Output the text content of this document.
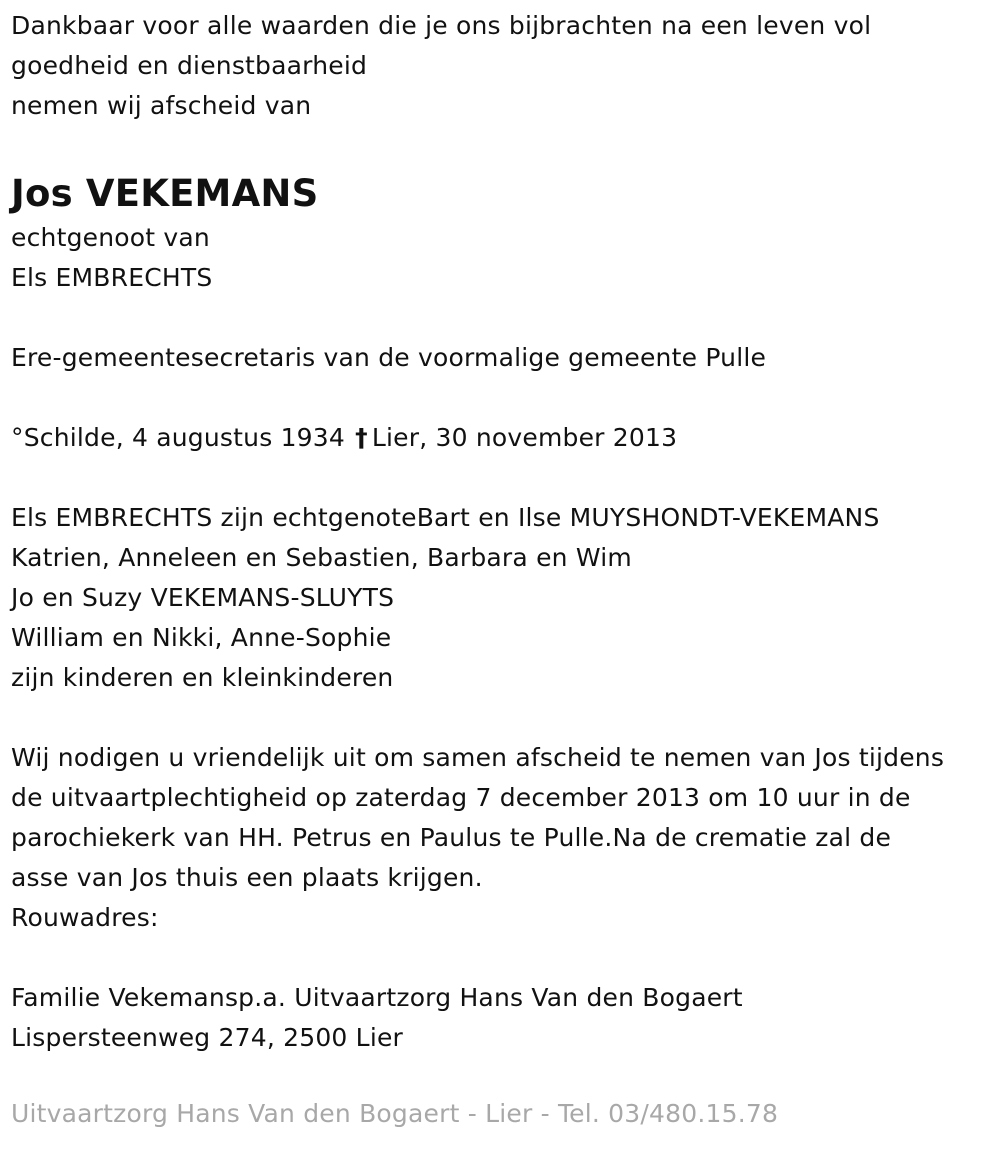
Dankbaar voor alle waarden die je ons bijbrachten na een leven vol
goedheid en dienstbaarheid
nemen wij afscheid van
Jos VEKEMANS
echtgenoot van
Els EMBRECHTS
Ere-gemeentesecretaris van de voormalige gemeente Pulle
°Schilde, 4 augustus 1934 † Lier, 30 november 2013
Els EMBRECHTS zijn echtgenoteBart en Ilse MUYSHONDT-VEKEMANS
Katrien, Anneleen en Sebastien, Barbara en Wim
Jo en Suzy VEKEMANS-SLUYTS
William en Nikki, Anne-Sophie
zijn kinderen en kleinkinderen
Wij nodigen u vriendelijk uit om samen afscheid te nemen van Jos tijdens
de uitvaartplechtigheid op zaterdag 7 december 2013 om 10 uur in de
parochiekerk van HH. Petrus en Paulus te Pulle.Na de crematie zal de
asse van Jos thuis een plaats krijgen.
Rouwadres:
Familie Vekemansp.a. Uitvaartzorg Hans Van den Bogaert
Lispersteenweg 274, 2500 Lier
Uitvaartzorg Hans Van den Bogaert - Lier - Tel. 03/480.15.78
